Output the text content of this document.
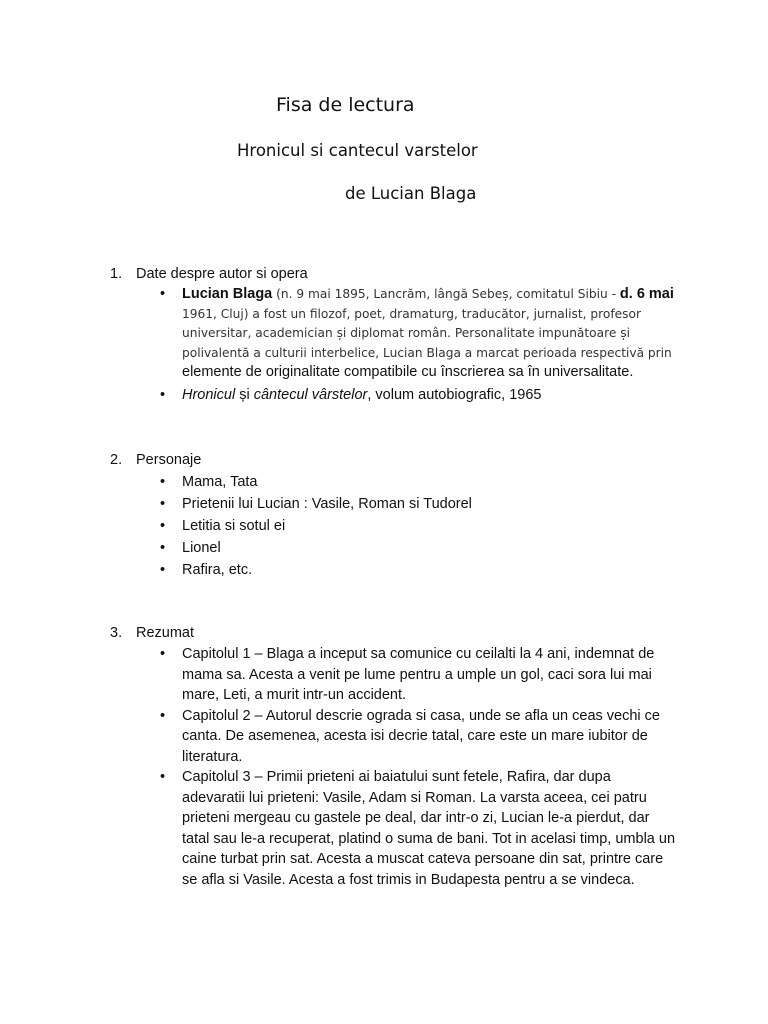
Fisa de lectura
Hronicul si cantecul varstelor
de Lucian Blaga
1. Date despre autor si opera
• Lucian Blaga (n. 9 mai 1895, Lancrăm, lângă Sebeș, comitatul Sibiu - d. 6 mai 1961, Cluj) a fost un filozof, poet, dramaturg, traducător, jurnalist, profesor universitar, academician și diplomat român. Personalitate impunătoare și polivalentă a culturii interbelice, Lucian Blaga a marcat perioada respectivă prin elemente de originalitate compatibile cu înscrierea sa în universalitate.
• Hronicul și cântecul vârstelor, volum autobiografic, 1965
2. Personaje
• Mama, Tata
• Prietenii lui Lucian : Vasile, Roman si Tudorel
• Letitia si sotul ei
• Lionel
• Rafira, etc.
3. Rezumat
• Capitolul 1 – Blaga a inceput sa comunice cu ceilalti la 4 ani, indemnat de mama sa. Acesta a venit pe lume pentru a umple un gol, caci sora lui mai mare, Leti, a murit intr-un accident.
• Capitolul 2 – Autorul descrie ograda si casa, unde se afla un ceas vechi ce canta. De asemenea, acesta isi decrie tatal, care este un mare iubitor de literatura.
• Capitolul 3 – Primii prieteni ai baiatului sunt fetele, Rafira, dar dupa adevaratii lui prieteni: Vasile, Adam si Roman. La varsta aceea, cei patru prieteni mergeau cu gastele pe deal, dar intr-o zi, Lucian le-a pierdut, dar tatal sau le-a recuperat, platind o suma de bani. Tot in acelasi timp, umbla un caine turbat prin sat. Acesta a muscat cateva persoane din sat, printre care se afla si Vasile. Acesta a fost trimis in Budapesta pentru a se vindeca.
